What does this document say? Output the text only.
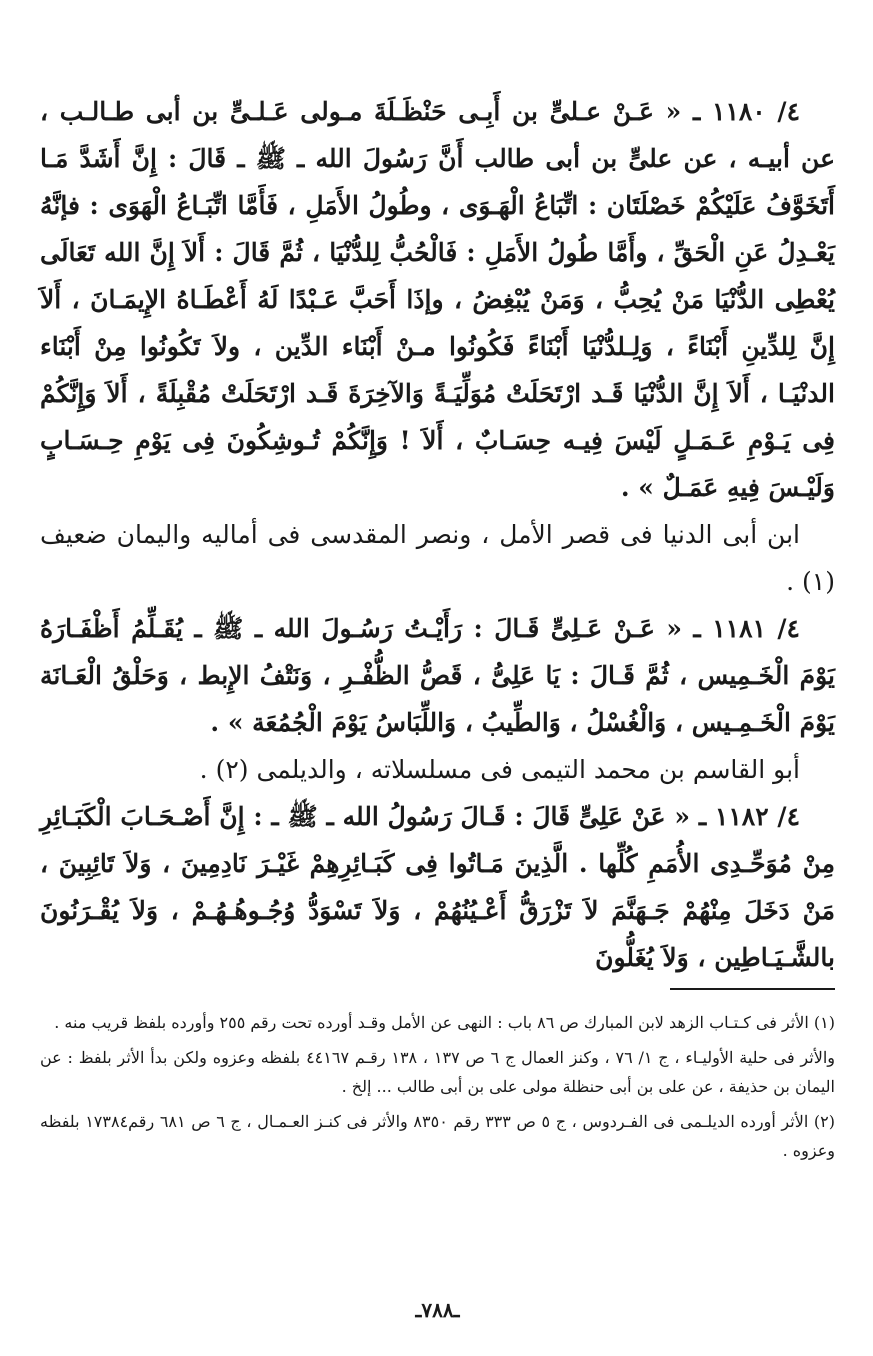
٤/ ١١٨٠ ـ « عَـنْ عـلىٍّ بن أَبِـى حَنْظَـلَةَ مـولى عَـلـىٍّ بن أبى طـالـب ، عن أبيـه ، عن علىٍّ بن أبى طالب أَنَّ رَسُولَ الله ـ ﷺ ـ قَالَ : إِنَّ أَشَدَّ مَـا أَتَخَوَّفُ عَلَيْكُمْ خَصْلَتَان : اتِّبَاعُ الْهَـوَى ، وطُولُ الأَمَلِ ، فَأَمَّا اتِّبَـاعُ الْهَوَى : فإنَّهُ يَعْـدِلُ عَنِ الْحَقِّ ، وأَمَّا طُولُ الأَمَلِ : فَالْحُبُّ لِلدُّنْيَا ، ثُمَّ قَالَ : أَلاَ إِنَّ الله تَعَالَى يُعْطِى الدُّنْيَا مَنْ يُحِبُّ ، وَمَنْ يُبْغِضُ ، وإذَا أَحَبَّ عَـبْدًا لَهُ أَعْطَـاهُ الإِيمَـانَ ، أَلاَ إِنَّ لِلدِّينِ أَبْنَاءً ، وَلِـلدُّنْيَا أَبْنَاءً فَكُونُوا مـنْ أَبْنَاء الدِّين ، ولاَ تَكُونُوا مِنْ أَبْنَاء الدنْيَـا ، أَلاَ إِنَّ الدُّنْيَا قَـد ارْتَحَلَتْ مُوَلِّيَـةً وَالآخِرَةَ قَـد ارْتَحَلَتْ مُقْبِلَةً ، أَلاَ وَإِنَّكُمْ فِى يَـوْمِ عَـمَـلٍ لَيْسَ فِيـه حِسَـابٌ ، أَلاَ ! وَإِنَّكُمْ تُـوشِكُونَ فِى يَوْمِ حِـسَـابٍ وَلَيْـسَ فِيهِ عَمَـلٌ » .

ابن أبى الدنيا فى قصر الأمل ، ونصر المقدسى فى أماليه واليمان ضعيف (١) .

٤/ ١١٨١ ـ « عَـنْ عَـلِىٍّ قَـالَ : رَأَيْـتُ رَسُـولَ الله ـ ﷺ ـ يُقَـلِّمُ أَظْفَـارَهُ يَوْمَ الْخَـمِيس ، ثُمَّ قَـالَ : يَا عَلِىُّ ، قَصُّ الظُّفْـرِ ، وَنَتْفُ الإِبط ، وَحَلْقُ الْعَـانَة يَوْمَ الْخَـمِـيس ، وَالْغُسْلُ ، وَالطِّيبُ ، وَاللِّبَاسُ يَوْمَ الْجُمُعَة » .

أبو القاسم بن محمد التيمى فى مسلسلاته ، والديلمى (٢) .

٤/ ١١٨٢ ـ « عَنْ عَلِىٍّ قَالَ : قَـالَ رَسُولُ الله ـ ﷺ ـ : إِنَّ أَصْـحَـابَ الْكَبَـائِرِ مِنْ مُوَحِّـدِى الأُمَمِ كُلِّها . الَّذِينَ مَـاتُوا فِى كَبَـائِرِهِمْ غَيْـرَ نَادِمِينَ ، وَلاَ تَائِبِينَ ، مَنْ دَخَلَ مِنْهُمْ جَـهَنَّمَ لاَ تَزْرَقُّ أَعْـيُنُهُمْ ، وَلاَ تَسْوَدُّ وُجُـوهُـهُـمْ ، وَلاَ يُقْـرَنُونَ بالشَّـيَـاطِين ، وَلاَ يُغَلُّونَ

(١) الأثر فى كـتـاب الزهد لابن المبارك ص ٨٦ باب : النهى عن الأمل وقـد أورده تحت رقم ٢٥٥ وأورده بلفظ قريب منه .

والأثر فى حلية الأوليـاء ، ج ١/ ٧٦ ، وكنز العمال ج ٦ ص ١٣٧ ، ١٣٨ رقـم ٤٤١٦٧ بلفظه وعزوه ولكن بدأ الأثر بلفظ : عن اليمان بن حذيفة ، عن على بن أبى حنظلة مولى على بن أبى طالب ... إلخ .

(٢) الأثر أورده الديلـمى فى الفـردوس ، ج ٥ ص ٣٣٣ رقم ٨٣٥٠ والأثر فى كنـز العـمـال ، ج ٦ ص ٦٨١ رقم١٧٣٨٤ بلفظه وعزوه .

ـ٧٨٨ـ
